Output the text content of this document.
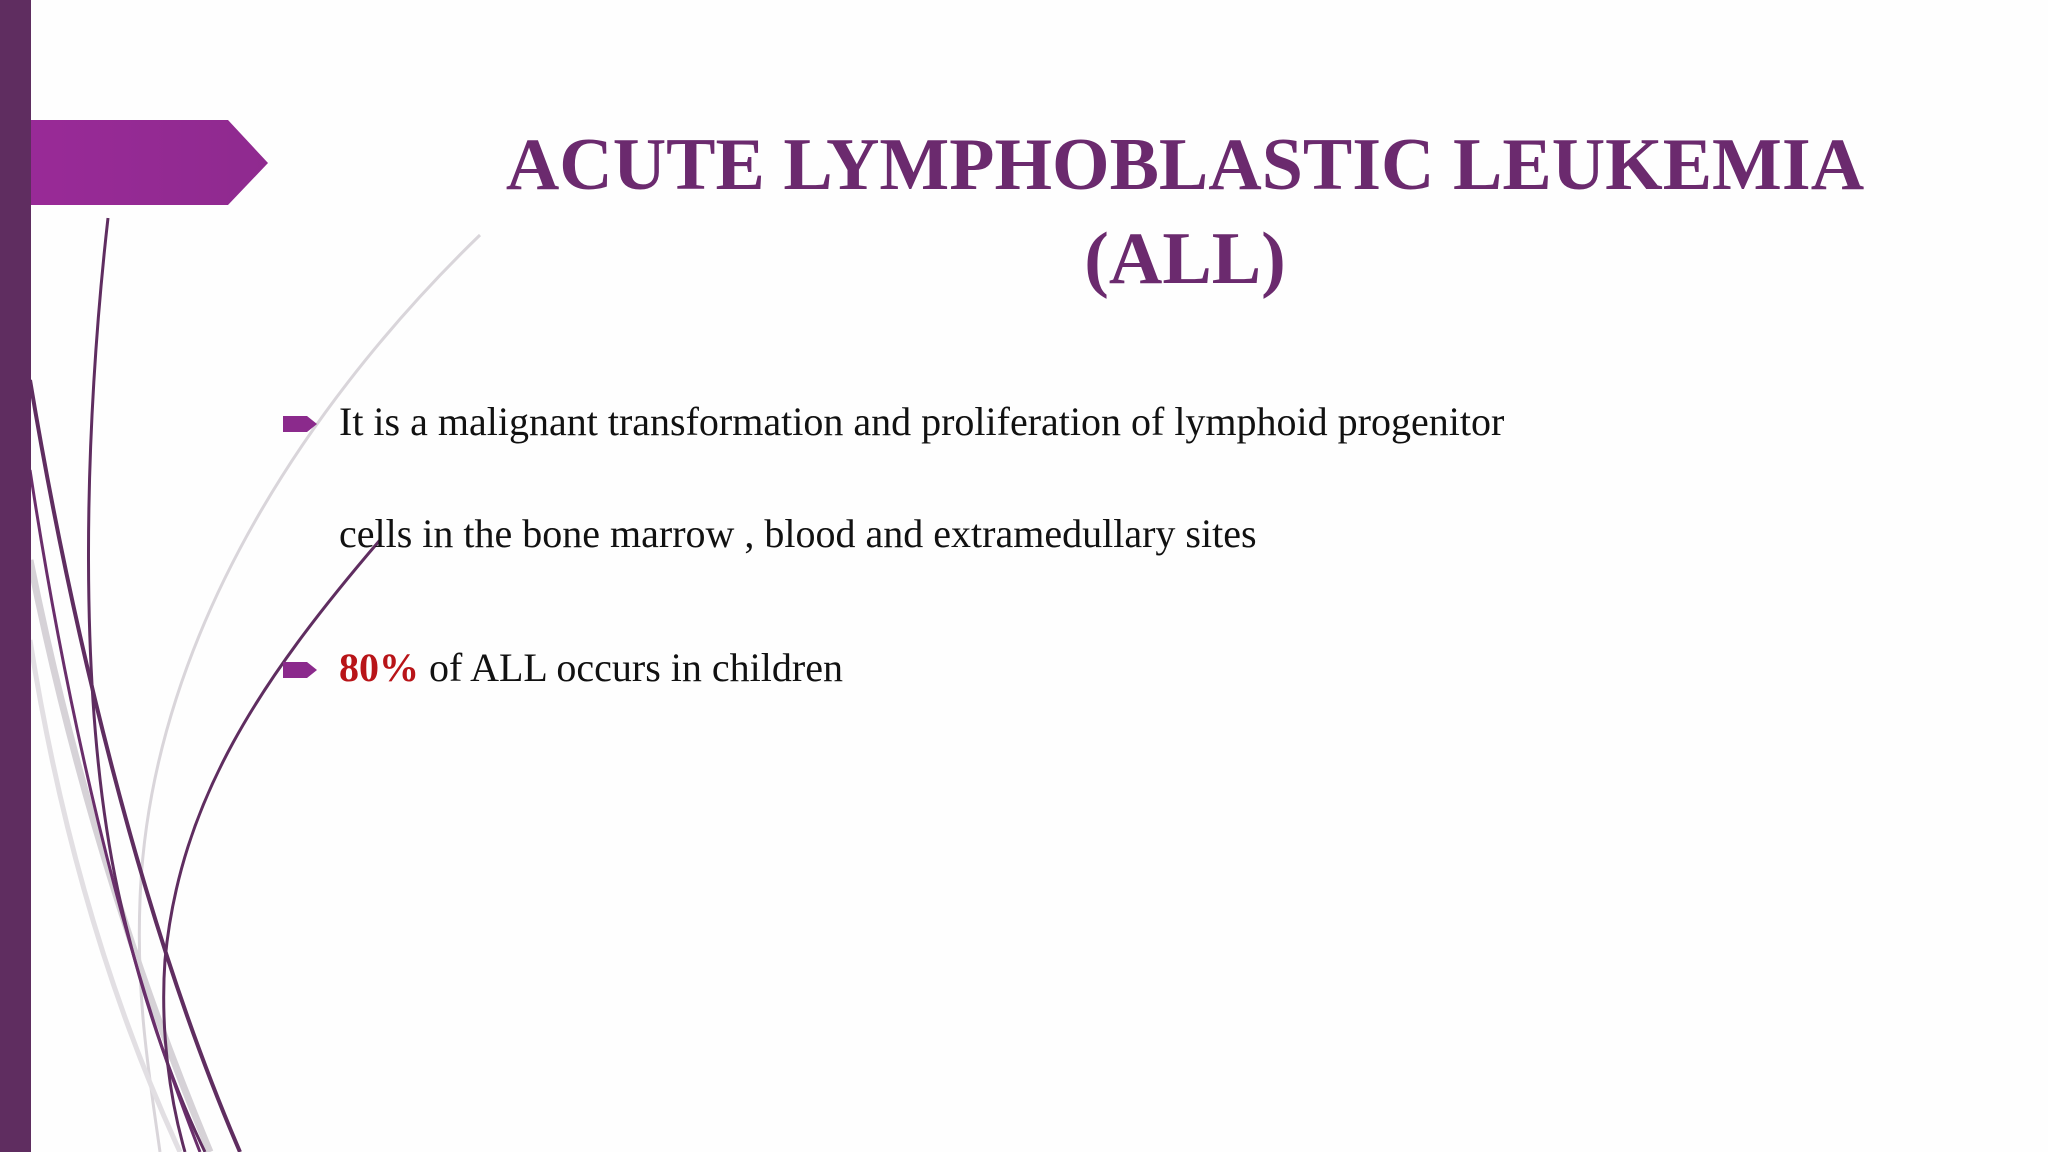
ACUTE LYMPHOBLASTIC LEUKEMIA
(ALL)
It is a malignant transformation and proliferation of lymphoid progenitor
cells in the bone marrow , blood and extramedullary sites
80% of ALL occurs in children
